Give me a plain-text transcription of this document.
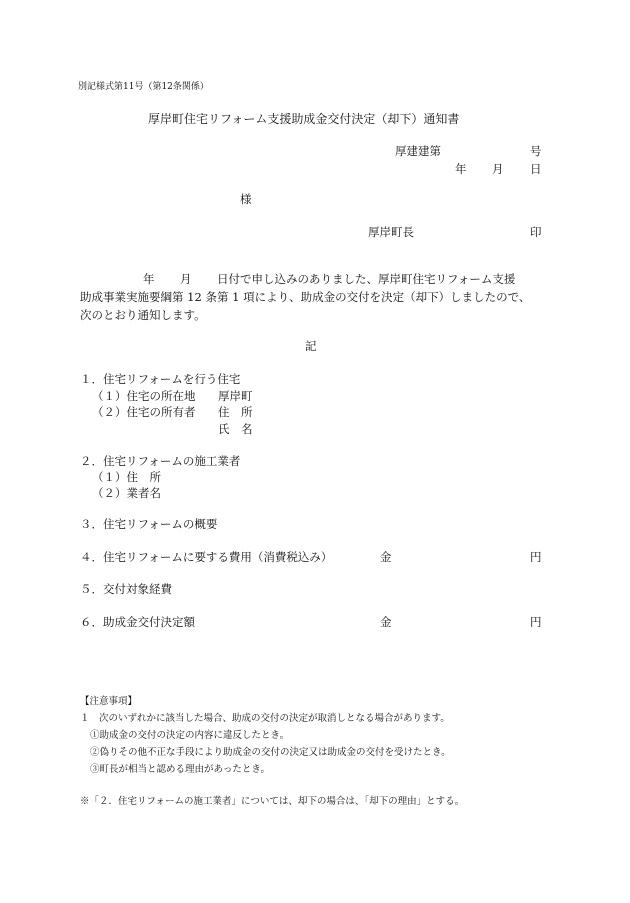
別記様式第11号（第12条関係）
厚岸町住宅リフォーム支援助成金交付決定（却下）通知書
厚建建第	号
年 月 日
様
厚岸町長	印
年 月 日付で申し込みのありました、厚岸町住宅リフォーム支援
助成事業実施要綱第 12 条第 1 項により、助成金の交付を決定（却下）しましたので、
次のとおり通知します。
記
１．住宅リフォームを行う住宅
（１）住宅の所在地 厚岸町
（２）住宅の所有者 住　所
氏　名
２．住宅リフォームの施工業者
（１）住　所
（２）業者名
３．住宅リフォームの概要
４．住宅リフォームに要する費用（消費税込み）	金	円
５．交付対象経費
６．助成金交付決定額	金	円
【注意事項】
１　次のいずれかに該当した場合、助成の交付の決定が取消しとなる場合があります。
①助成金の交付の決定の内容に違反したとき。
②偽りその他不正な手段により助成金の交付の決定又は助成金の交付を受けたとき。
③町長が相当と認める理由があったとき。
※「２．住宅リフォームの施工業者」については、却下の場合は、「却下の理由」とする。
